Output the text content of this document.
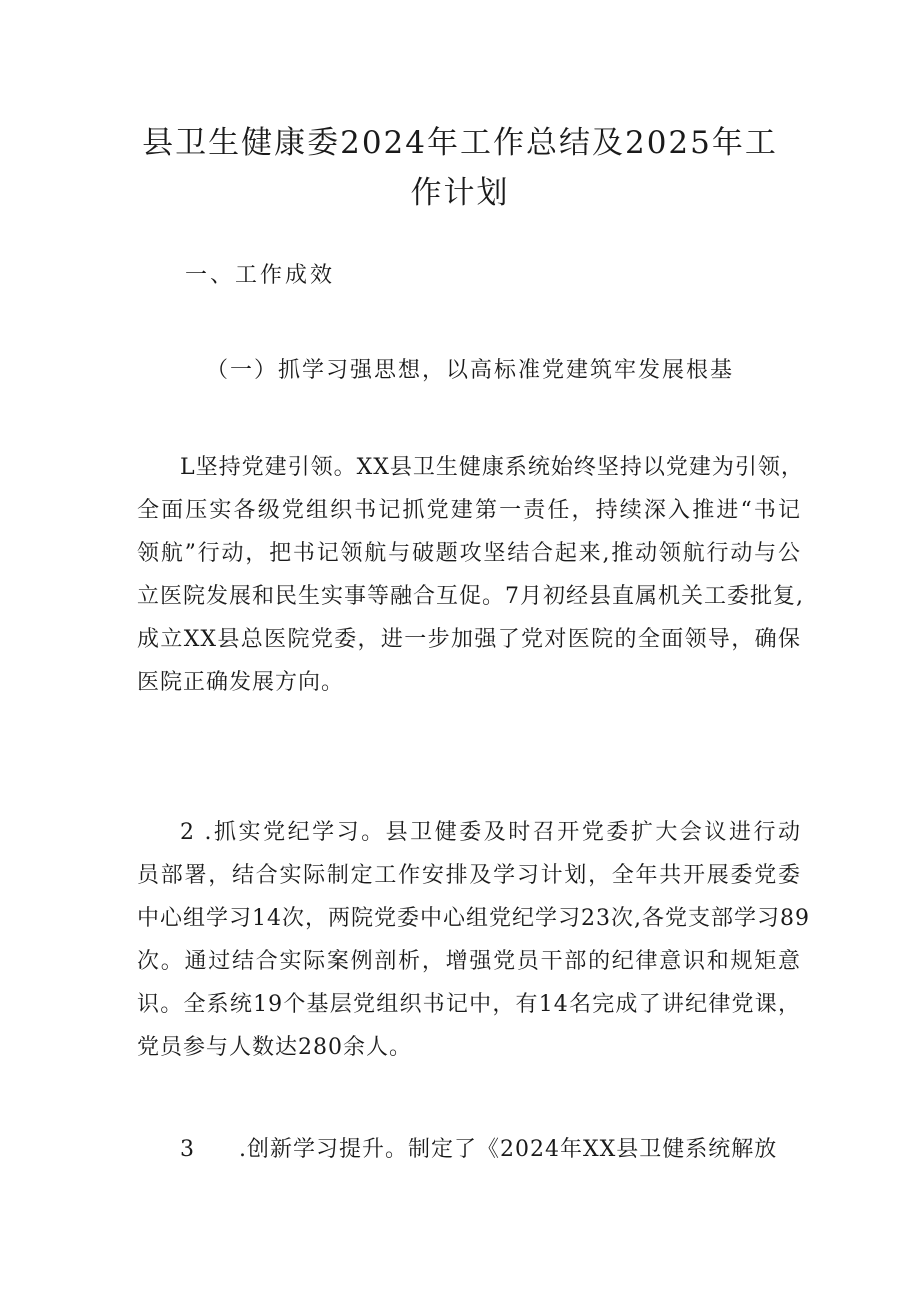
县卫生健康委2024年工作总结及2025年工
作计划
一、工作成效
（一）抓学习强思想，以高标准党建筑牢发展根基
L坚持党建引领。XX县卫生健康系统始终坚持以党建为引领，
全面压实各级党组织书记抓党建第一责任，持续深入推进“书记
领航”行动，把书记领航与破题攻坚结合起来,推动领航行动与公
立医院发展和民生实事等融合互促。7月初经县直属机关工委批复,
成立XX县总医院党委，进一步加强了党对医院的全面领导，确保
医院正确发展方向。
2 .抓实党纪学习。县卫健委及时召开党委扩大会议进行动
员部署，结合实际制定工作安排及学习计划，全年共开展委党委
中心组学习14次，两院党委中心组党纪学习23次,各党支部学习89
次。通过结合实际案例剖析，增强党员干部的纪律意识和规矩意
识。全系统19个基层党组织书记中，有14名完成了讲纪律党课，
党员参与人数达280余人。
3 .创新学习提升。制定了《2024年XX县卫健系统解放
